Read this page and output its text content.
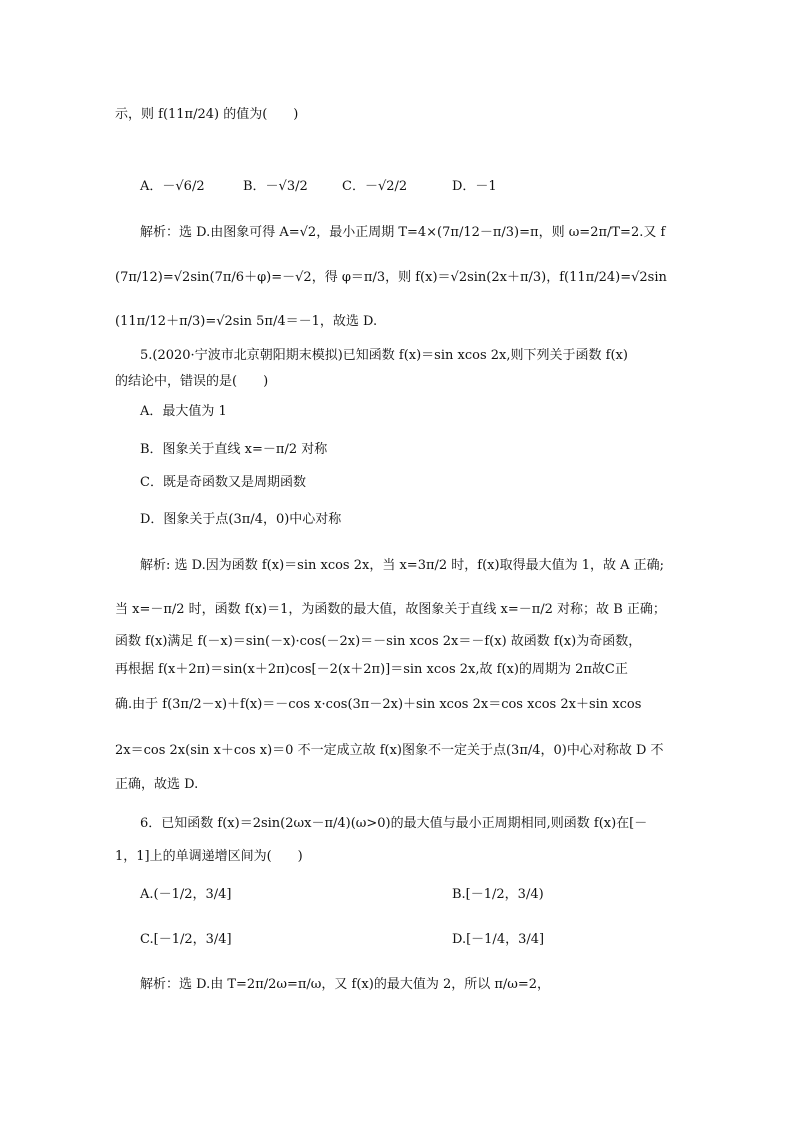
示，则 f(11π/24) 的值为(　　)
A．－√6/2	B．－√3/2	C．－√2/2	D．－1
解析：选 D.由图象可得 A=√2，最小正周期 T=4×(7π/12－π/3)=π，则 ω=2π/T=2.又 f
(7π/12)=√2sin(7π/6＋φ)=－√2，得 φ＝π/3，则 f(x)＝√2sin(2x＋π/3)，f(11π/24)=√2sin
(11π/12＋π/3)=√2sin 5π/4＝－1，故选 D.
5.(2020·宁波市北京朝阳期末模拟)已知函数 f(x)＝sin xcos 2x,则下列关于函数 f(x)
的结论中，错误的是(　　)
A．最大值为 1
B．图象关于直线 x=－π/2 对称
C．既是奇函数又是周期函数
D．图象关于点(3π/4，0)中心对称
解析: 选 D.因为函数 f(x)＝sin xcos 2x，当 x=3π/2 时，f(x)取得最大值为 1，故 A 正确;
当 x=－π/2 时，函数 f(x)＝1，为函数的最大值，故图象关于直线 x=－π/2 对称；故 B 正确；
函数 f(x)满足 f(－x)＝sin(－x)·cos(－2x)＝－sin xcos 2x＝－f(x) 故函数 f(x)为奇函数，
再根据 f(x＋2π)＝sin(x＋2π)cos[－2(x＋2π)]＝sin xcos 2x,故 f(x)的周期为 2π故C正
确.由于 f(3π/2－x)＋f(x)＝－cos x·cos(3π－2x)＋sin xcos 2x＝cos xcos 2x＋sin xcos
2x＝cos 2x(sin x＋cos x)＝0 不一定成立故 f(x)图象不一定关于点(3π/4，0)中心对称故 D 不
正确，故选 D.
6．已知函数 f(x)＝2sin(2ωx－π/4)(ω>0)的最大值与最小正周期相同,则函数 f(x)在[－
1，1]上的单调递增区间为(　　)
A.(－1/2，3/4]	B.[－1/2，3/4)
C.[－1/2，3/4]	D.[－1/4，3/4]
解析：选 D.由 T=2π/2ω=π/ω，又 f(x)的最大值为 2，所以 π/ω=2，
